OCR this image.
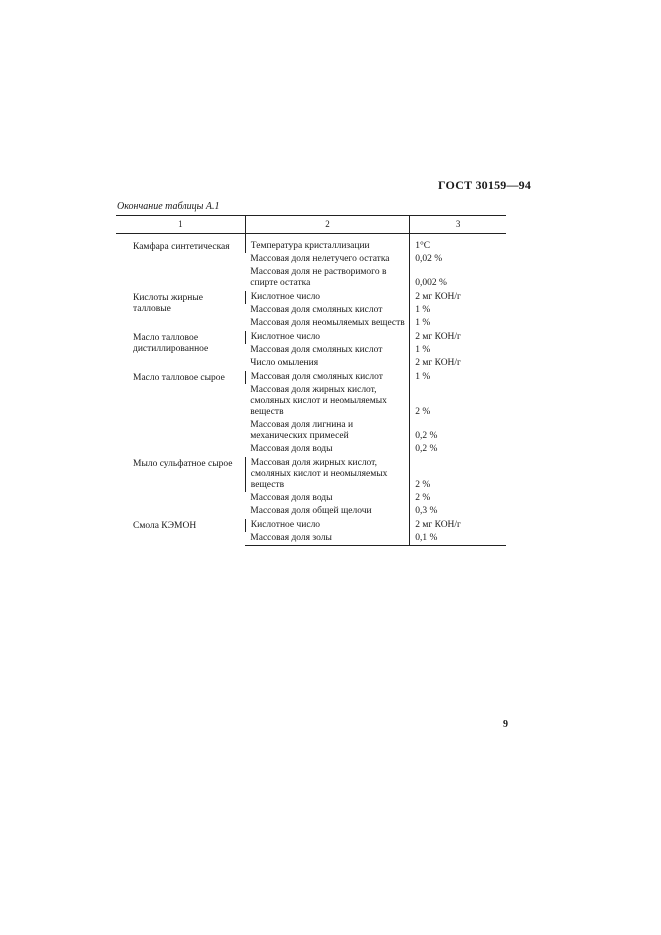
ГОСТ 30159—94
Окончание таблицы А.1
1	2	3

Камфара синтетическая	Температура кристаллизации	1°С
	Массовая доля нелетучего остатка	0,02 %
	Массовая доля не растворимого в спирте остатка	0,002 %
Кислоты жирные талловые	Кислотное число	2 мг КОН/г
	Массовая доля смоляных кислот	1 %
	Массовая доля неомыляемых веществ	1 %
Масло талловое дистиллированное	Кислотное число	2 мг КОН/г
	Массовая доля смоляных кислот	1 %
	Число омыления	2 мг КОН/г
Масло талловое сырое	Массовая доля смоляных кислот	1 %
	Массовая доля жирных кислот, смоляных кислот и неомыляемых веществ	2 %
	Массовая доля лигнина и механических примесей	0,2 %
	Массовая доля воды	0,2 %
Мыло сульфатное сырое	Массовая доля жирных кислот, смоляных кислот и неомыляемых веществ	2 %
	Массовая доля воды	2 %
	Массовая доля общей щелочи	0,3 %
Смола КЭМОН	Кислотное число	2 мг КОН/г
	Массовая доля золы	0,1 %
9
